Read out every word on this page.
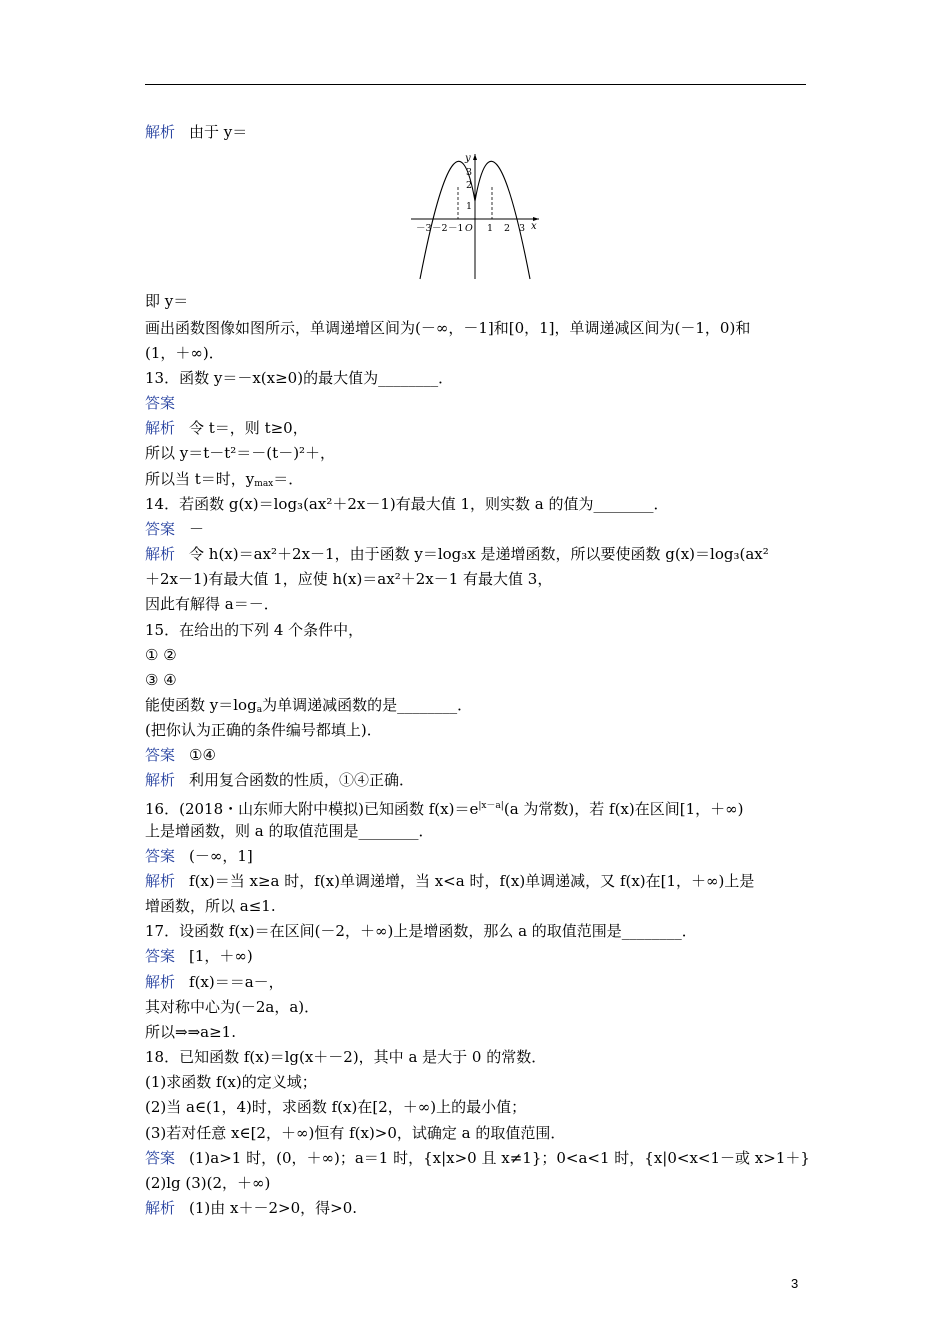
解析 由于 y＝
x
y
3
2
1
－3 －2 －1 O 1 2 3
即 y＝
画出函数图像如图所示，单调递增区间为(－∞，－1]和[0，1]，单调递减区间为(－1，0)和
(1，＋∞)．
13．函数 y＝－x(x≥0)的最大值为________．
答案
解析 令 t＝，则 t≥0，
所以 y＝t－t²＝－(t－)²＋，
所以当 t＝时，$y_{max}=$．
14．若函数 g(x)＝log₃(ax²＋2x－1)有最大值 1，则实数 a 的值为________．
答案 －
解析 令 h(x)＝ax²＋2x－1，由于函数 y＝log₃x 是递增函数，所以要使函数 g(x)＝log₃(ax²
＋2x－1)有最大值 1，应使 h(x)＝ax²＋2x－1 有最大值 3，
因此有解得 a＝－．
15．在给出的下列 4 个条件中，
① ②
③ ④
能使函数 $y=\log_a$为单调递减函数的是________．
(把你认为正确的条件编号都填上)．
答案 ①④
解析 利用复合函数的性质，①④正确．
16．(2018・山东师大附中模拟)已知函数 $f(x)=e^{|x-a|}(a$ 为常数)，若 f(x)在区间[1，＋∞)
上是增函数，则 a 的取值范围是________．
答案 (－∞，1]
解析 f(x)＝当 x≥a 时，f(x)单调递增，当 x<a 时，f(x)单调递减，又 f(x)在[1，＋∞)上是
增函数，所以 a≤1.
17．设函数 f(x)＝在区间(－2，＋∞)上是增函数，那么 a 的取值范围是________．
答案 [1，＋∞)
解析 f(x)＝＝a－，
其对称中心为(－2a，a)．
所以⇒⇒a≥1.
18．已知函数 f(x)＝lg(x＋－2)，其中 a 是大于 0 的常数．
(1)求函数 f(x)的定义域；
(2)当 a∈(1，4)时，求函数 f(x)在[2，＋∞)上的最小值；
(3)若对任意 x∈[2，＋∞)恒有 f(x)>0，试确定 a 的取值范围．
答案 (1)a>1 时，(0，＋∞)；a＝1 时，{x|x>0 且 x≠1}；0<a<1 时，{x|0<x<1－或 x>1＋}
(2)lg (3)(2，＋∞)
解析 (1)由 x＋－2>0，得>0.
3
